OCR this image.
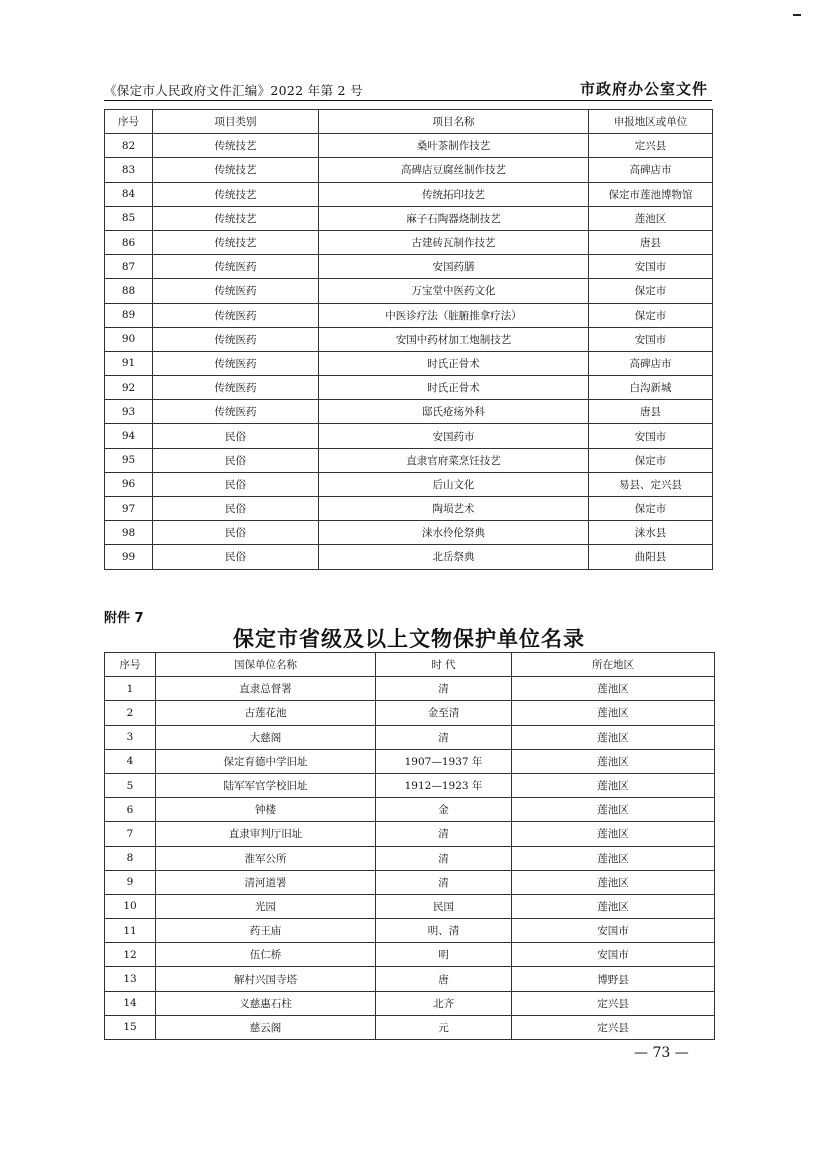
《保定市人民政府文件汇编》2022 年第 2 号	市政府办公室文件
序号	项目类别	项目名称	申报地区或单位
82	传统技艺	桑叶茶制作技艺	定兴县
83	传统技艺	高碑店豆腐丝制作技艺	高碑店市
84	传统技艺	传统拓印技艺	保定市莲池博物馆
85	传统技艺	麻子石陶器烧制技艺	莲池区
86	传统技艺	古建砖瓦制作技艺	唐县
87	传统医药	安国药膳	安国市
88	传统医药	万宝堂中医药文化	保定市
89	传统医药	中医诊疗法（脏腑推拿疗法）	保定市
90	传统医药	安国中药材加工炮制技艺	安国市
91	传统医药	时氏正骨术	高碑店市
92	传统医药	时氏正骨术	白沟新城
93	传统医药	邸氏疮疡外科	唐县
94	民俗	安国药市	安国市
95	民俗	直隶官府菜烹饪技艺	保定市
96	民俗	后山文化	易县、定兴县
97	民俗	陶埙艺术	保定市
98	民俗	涞水伶伦祭典	涞水县
99	民俗	北岳祭典	曲阳县
附件 7
保定市省级及以上文物保护单位名录
序号	国保单位名称	时 代	所在地区
1	直隶总督署	清	莲池区
2	古莲花池	金至清	莲池区
3	大慈阁	清	莲池区
4	保定育德中学旧址	1907—1937 年	莲池区
5	陆军军官学校旧址	1912—1923 年	莲池区
6	钟楼	金	莲池区
7	直隶审判厅旧址	清	莲池区
8	淮军公所	清	莲池区
9	清河道署	清	莲池区
10	光园	民国	莲池区
11	药王庙	明、清	安国市
12	伍仁桥	明	安国市
13	解村兴国寺塔	唐	博野县
14	义慈惠石柱	北齐	定兴县
15	慈云阁	元	定兴县
— 73 —
